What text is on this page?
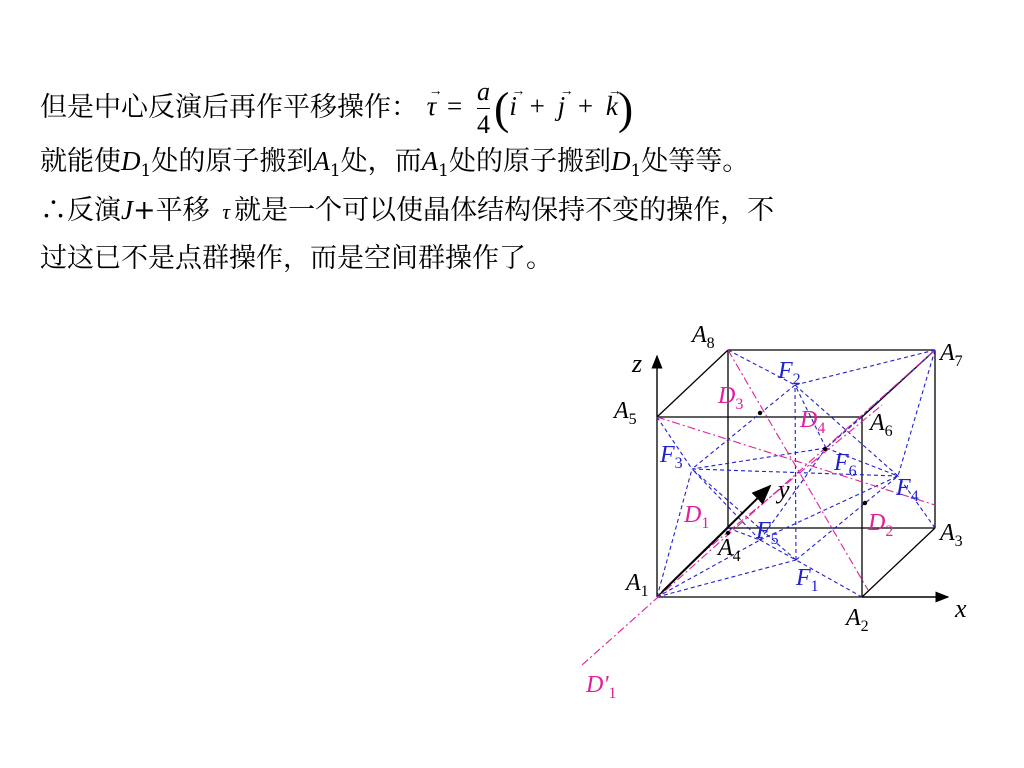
但是中心反演后再作平移操作： → $\tau = \frac{a}{4}$ (→ i + → j + → k)
就能使$D_1$处的原子搬到$A_1$处，而$A_1$处的原子搬到$D_1$处等等。
∴反演J+平移 τ 就是一个可以使晶体结构保持不变的操作，不
过这已不是点群操作，而是空间群操作了。
$A_1$
$A_2$
$A_3$
$A_4$
$A_5$	$A_6$
$A_7$
$A_8$
$F_1$
$F_2$
$F_3$
$F_4$
$F_5$
$F_6$
$D_1$	$D_2$
$D_3$
$D_4$
$D'_1$
x
y
z
